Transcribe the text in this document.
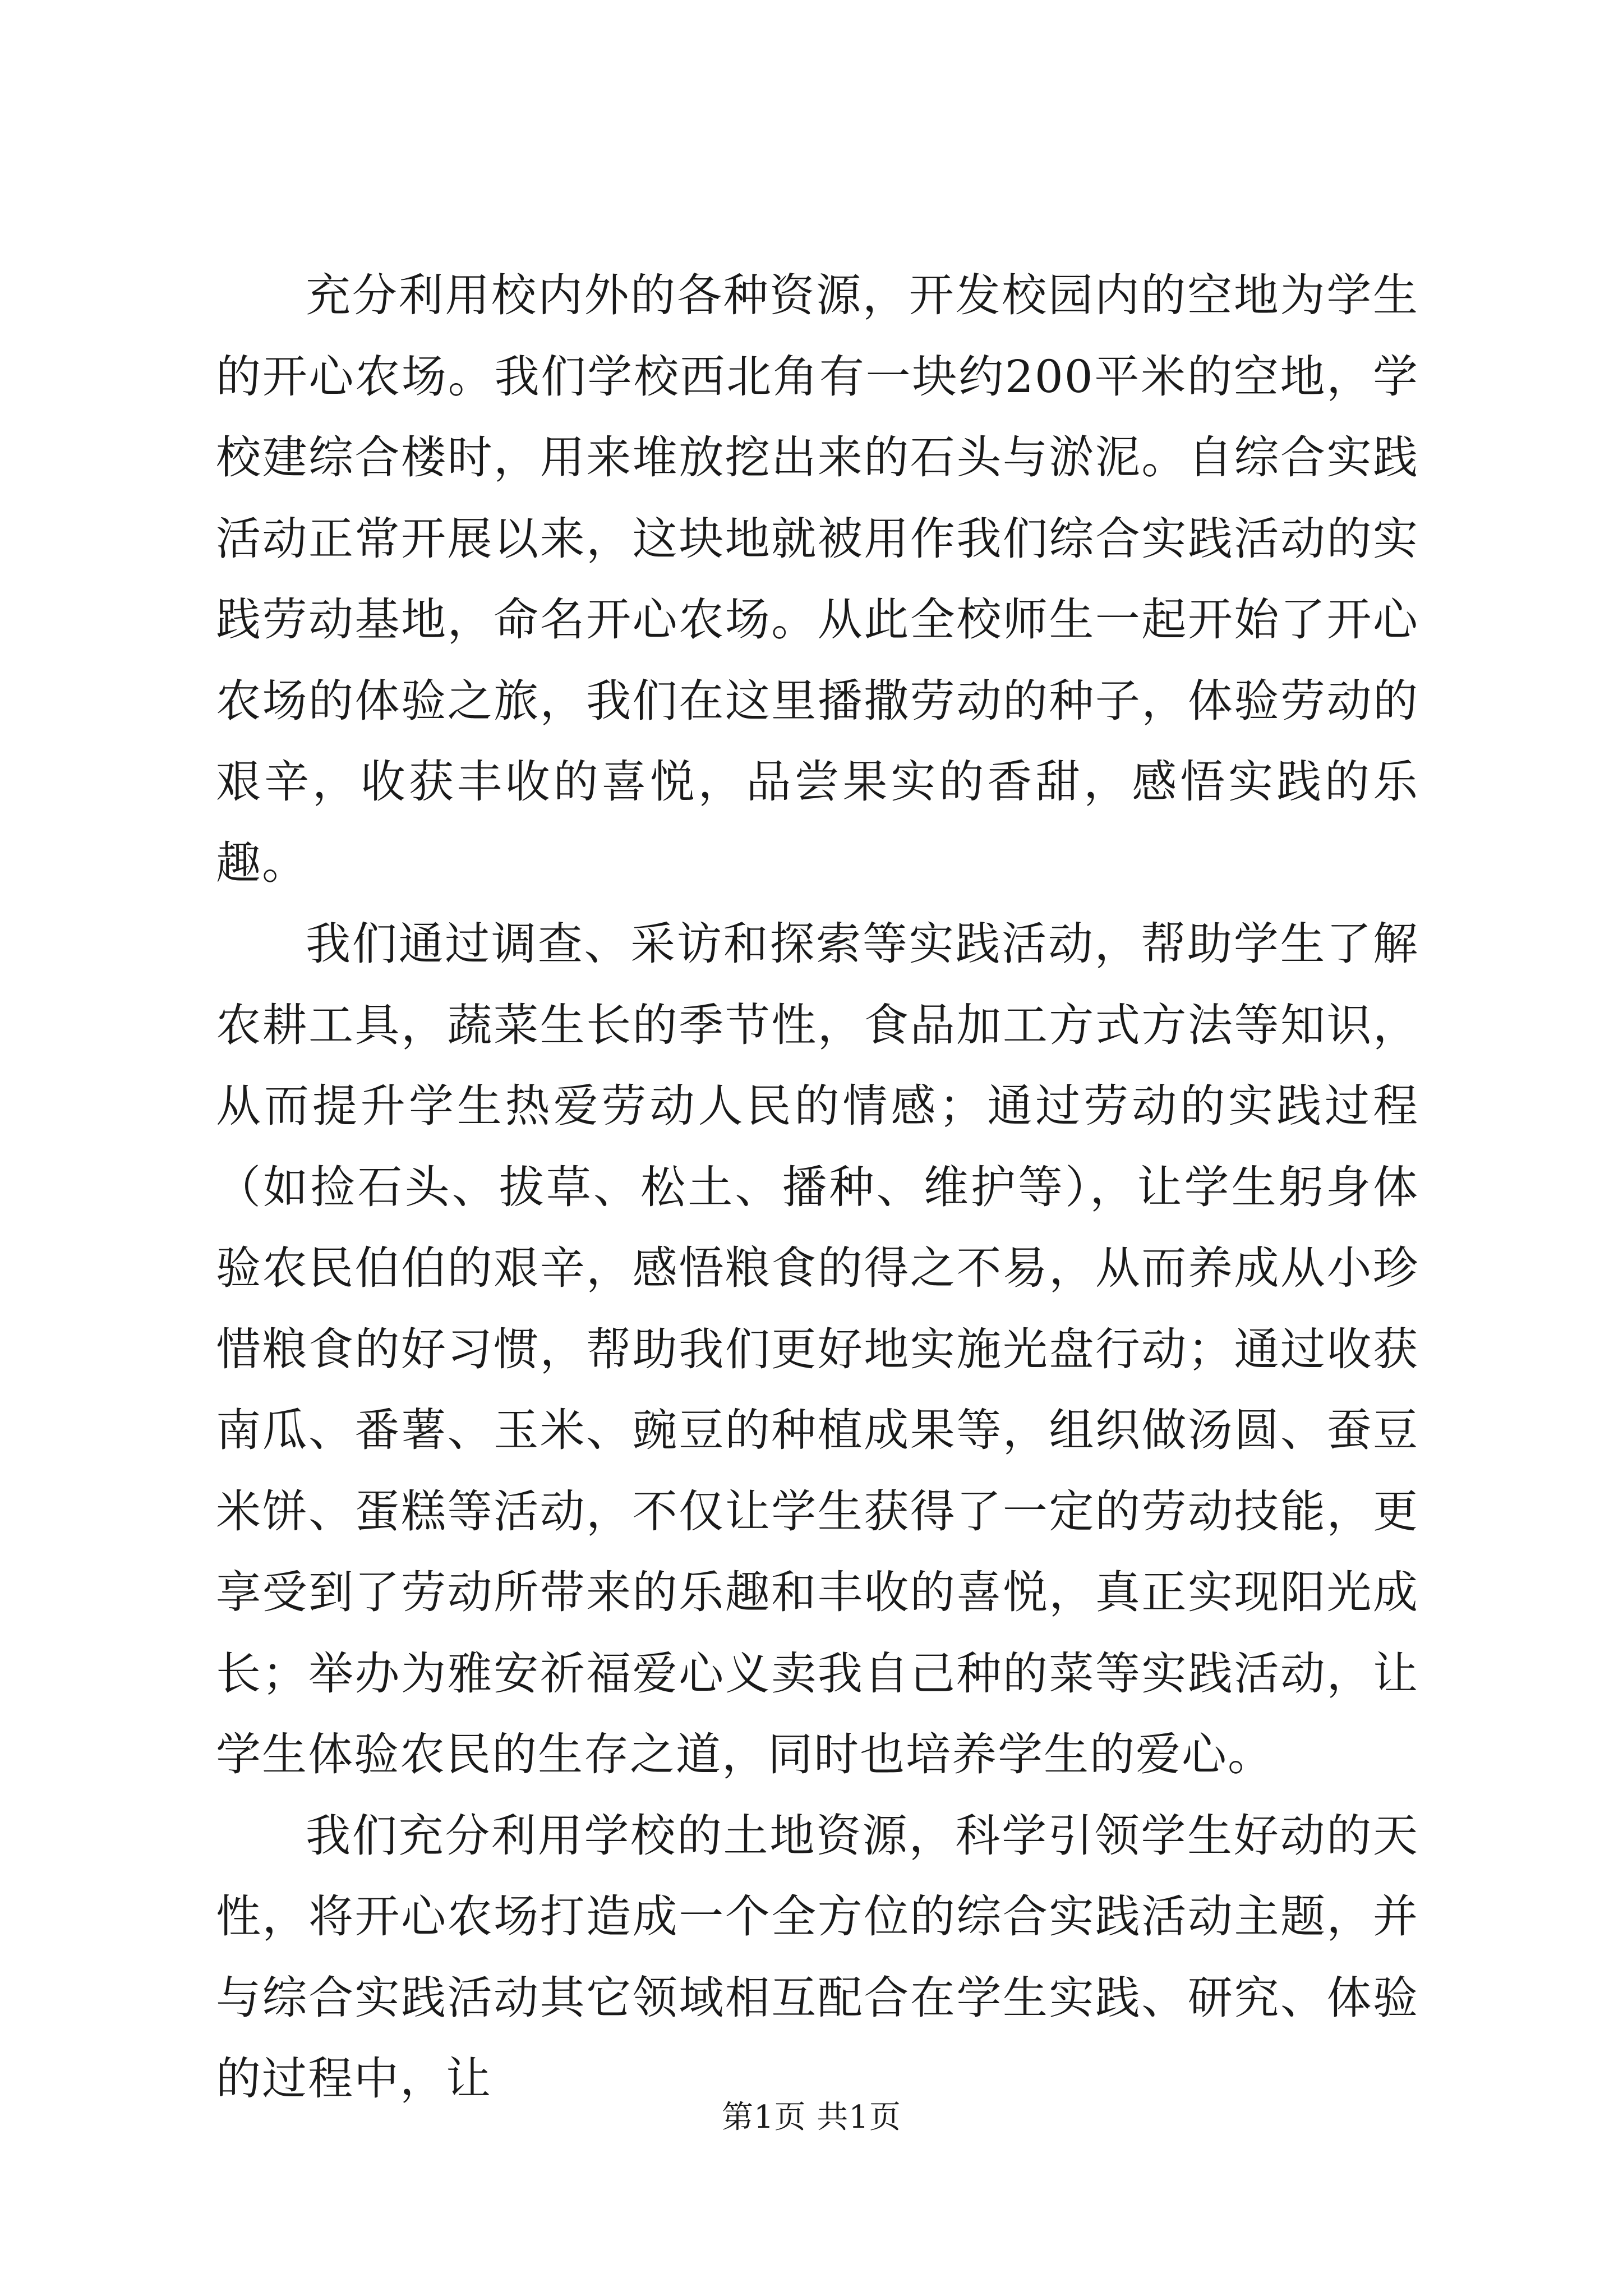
充分利用校内外的各种资源，开发校园内的空地为学生的开心农场。我们学校西北角有一块约200平米的空地，学校建综合楼时，用来堆放挖出来的石头与淤泥。自综合实践活动正常开展以来，这块地就被用作我们综合实践活动的实践劳动基地，命名开心农场。从此全校师生一起开始了开心农场的体验之旅，我们在这里播撒劳动的种子，体验劳动的艰辛，收获丰收的喜悦，品尝果实的香甜，感悟实践的乐趣。

我们通过调查、采访和探索等实践活动，帮助学生了解农耕工具，蔬菜生长的季节性，食品加工方式方法等知识，从而提升学生热爱劳动人民的情感；通过劳动的实践过程（如捡石头、拔草、松土、播种、维护等），让学生躬身体验农民伯伯的艰辛，感悟粮食的得之不易，从而养成从小珍惜粮食的好习惯，帮助我们更好地实施光盘行动；通过收获南瓜、番薯、玉米、豌豆的种植成果等，组织做汤圆、蚕豆米饼、蛋糕等活动，不仅让学生获得了一定的劳动技能，更享受到了劳动所带来的乐趣和丰收的喜悦，真正实现阳光成长；举办为雅安祈福爱心义卖我自己种的菜等实践活动，让学生体验农民的生存之道，同时也培养学生的爱心。

我们充分利用学校的土地资源，科学引领学生好动的天性，将开心农场打造成一个全方位的综合实践活动主题，并与综合实践活动其它领域相互配合在学生实践、研究、体验的过程中，让

第1页 共1页
